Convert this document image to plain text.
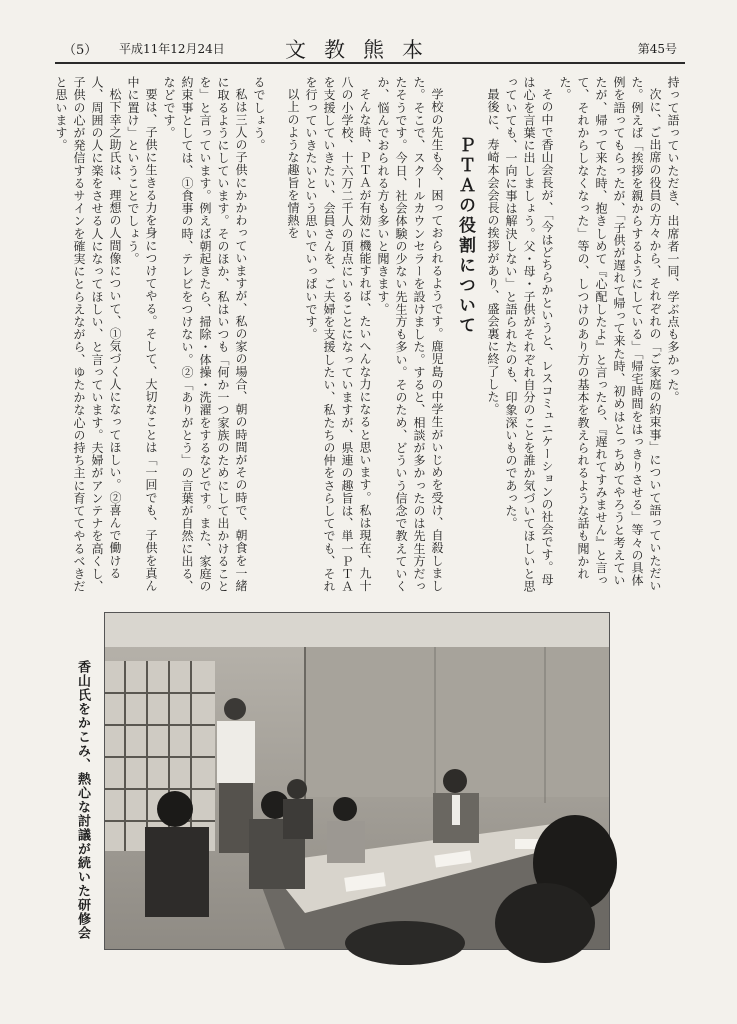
（5） 平成11年12月24日	文教熊本	第45号

持って語っていただき、出席者一同、学ぶ点も多かった。

次に、ご出席の役員の方々から、それぞれの「ご家庭の約束事」について語っていただいた。例えば「挨拶を親からするようにしている」「帰宅時間をはっきりさせる」等々の具体例を語ってもらったが、「子供が遅れて帰って来た時、初めはとっちめてやろうと考えていたが、帰って来た時、抱きしめて『心配したよ』と言ったら、『遅れてすみません』と言って、それからしなくなった」等の、しつけのあり方の基本を教えられるような話も聞かれた。

その中で香山会長が、「今はどちらかというと、レスコミュニケーションの社会です。母は心を言葉に出しましょう。父・母・子供がそれぞれ自分のことを誰か気づいてほしいと思っていても、一向に事は解決しない」と語られたのも、印象深いものであった。

最後に、寿崎本会会長の挨拶があり、盛会裏に終了した。

ＰＴＡの役割について

学校の先生も今、困っておられるようです。鹿児島の中学生がいじめを受け、自殺しました。そこで、スクールカウンセラーを設けました。すると、相談が多かったのは先生方だったそうです。今日、社会体験の少ない先生方も多い。そのため、どういう信念で教えていくか、悩んでおられる方も多いと聞きます。

そんな時、ＰＴＡが有効に機能すれば、たいへんな力になると思います。私は現在、九十八の小学校、十六万二千人の頂点にいることになっていますが、県連の趣旨は、単一ＰＴＡを支援していきたい、会員さんを、ご夫婦を支援したい、私たちの仲をさらしてでも、それを行っていきたいという思いでいっぱいです。

以上のような趣旨を情熱を

るでしょう。

私は三人の子供にかかわっていますが、私の家の場合、朝の時間がその時で、朝食を一緒に取るようにしています。そのほか、私はいつも「何か一つ家族のためにして出かけることを」と言っています。例えば朝起きたら、掃除・体操・洗濯をするなどです。また、家庭の約束事としては、①食事の時、テレビをつけない。②「ありがとう」の言葉が自然に出る、などです。

要は、子供に生きる力を身につけてやる。そして、大切なことは「一回でも、子供を真ん中に置け」ということでしょう。

松下幸之助氏は、理想の人間像について、①気づく人になってほしい。②喜んで働ける人、周囲の人に楽をさせる人になってほしい、と言っています。夫婦がアンテナを高くし、子供の心が発信するサインを確実にとらえながら、ゆたかな心の持ち主に育ててやるべきだと思います。

香山氏をかこみ、熱心な討議が続いた研修会
